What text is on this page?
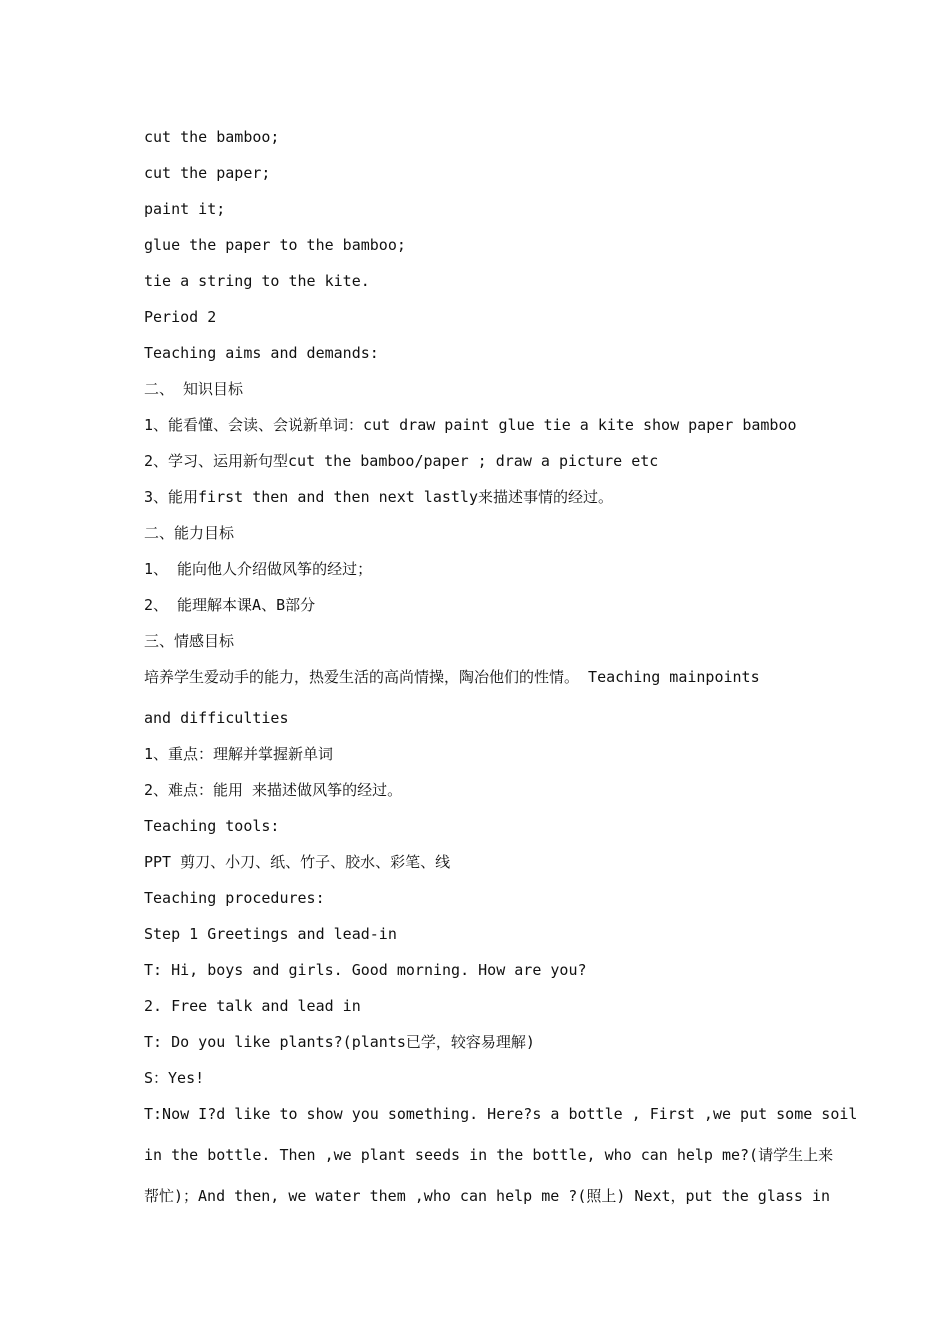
cut the bamboo;
cut the paper;
paint it;
glue the paper to the bamboo;
tie a string to the kite.
Period 2
Teaching aims and demands:
二、 知识目标
1、能看懂、会读、会说新单词：cut draw paint glue tie a kite show paper bamboo
2、学习、运用新句型cut the bamboo/paper ; draw a picture etc
3、能用first then and then next lastly来描述事情的经过。
二、能力目标
1、 能向他人介绍做风筝的经过；
2、 能理解本课A、B部分
三、情感目标
培养学生爱动手的能力，热爱生活的高尚情操，陶冶他们的性情。 Teaching mainpoints
and difficulties
1、重点：理解并掌握新单词
2、难点：能用 来描述做风筝的经过。
Teaching tools:
PPT 剪刀、小刀、纸、竹子、胶水、彩笔、线
Teaching procedures:
Step 1 Greetings and lead-in
T: Hi, boys and girls. Good morning. How are you?
2. Free talk and lead in
T: Do you like plants?(plants已学，较容易理解)
S：Yes!
T:Now I?d like to show you something. Here?s a bottle , First ,we put some soil
in the bottle. Then ,we plant seeds in the bottle, who can help me?(请学生上来
帮忙)；And then, we water them ,who can help me ?(照上) Next，put the glass in
